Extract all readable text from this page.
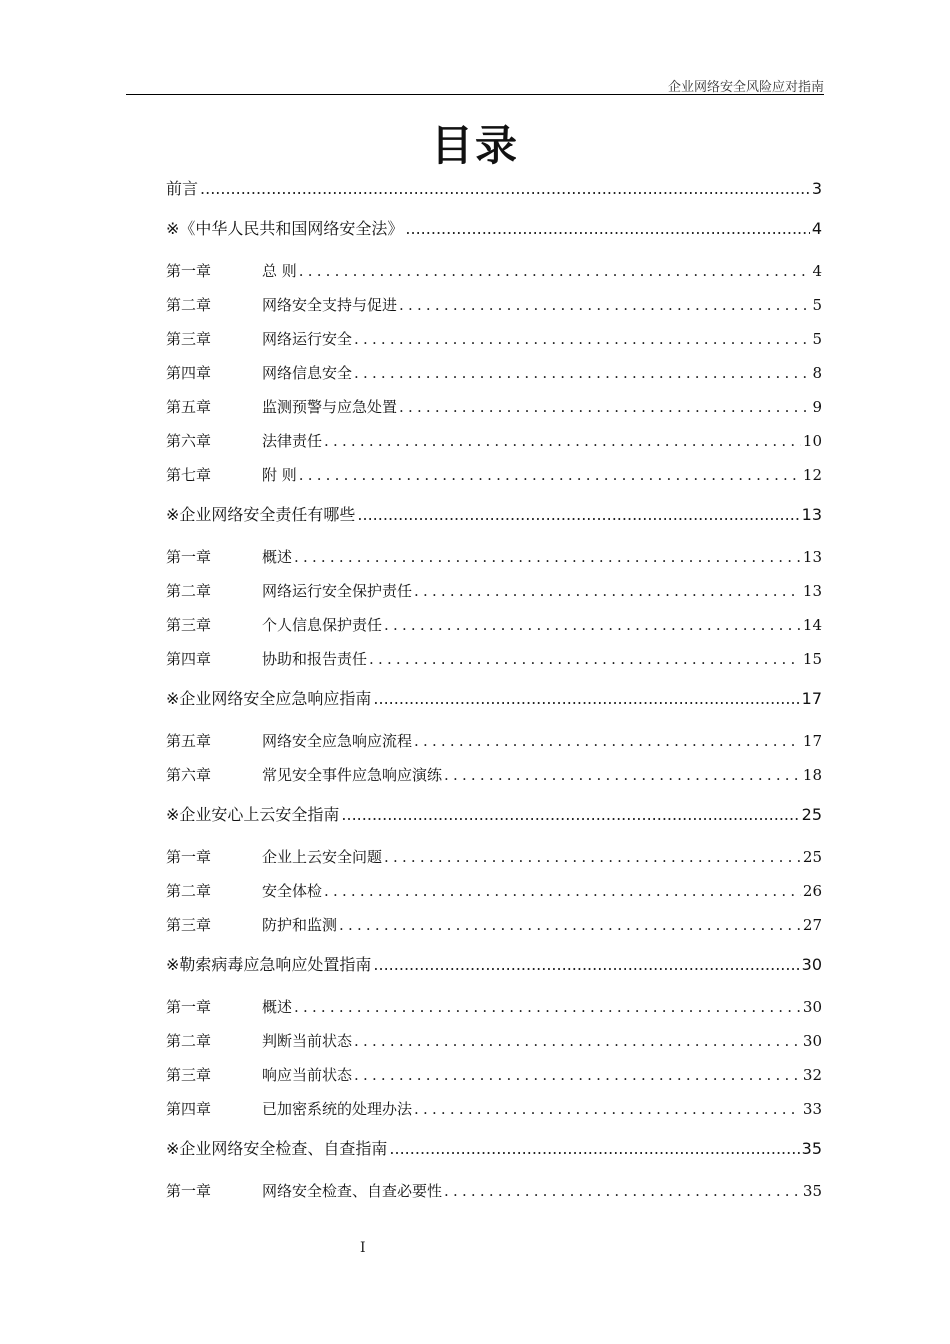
企业网络安全风险应对指南
目录
前言 .....	3
※《中华人民共和国网络安全法》 .....	4
第一章	总 则 .....	4
第二章	网络安全支持与促进 .....	5
第三章	网络运行安全 .....	5
第四章	网络信息安全 .....	8
第五章	监测预警与应急处置 .....	9
第六章	法律责任 .....	10
第七章	附 则 .....	12
※企业网络安全责任有哪些 .....	13
第一章	概述 .....	13
第二章	网络运行安全保护责任 .....	13
第三章	个人信息保护责任 .....	14
第四章	协助和报告责任 .....	15
※企业网络安全应急响应指南 .....	17
第五章	网络安全应急响应流程 .....	17
第六章	常见安全事件应急响应演练 .....	18
※企业安心上云安全指南 .....	25
第一章	企业上云安全问题 .....	25
第二章	安全体检 .....	26
第三章	防护和监测 .....	27
※勒索病毒应急响应处置指南 .....	30
第一章	概述 .....	30
第二章	判断当前状态 .....	30
第三章	响应当前状态 .....	32
第四章	已加密系统的处理办法 .....	33
※企业网络安全检查、自查指南 .....	35
第一章	网络安全检查、自查必要性 .....	35
I
